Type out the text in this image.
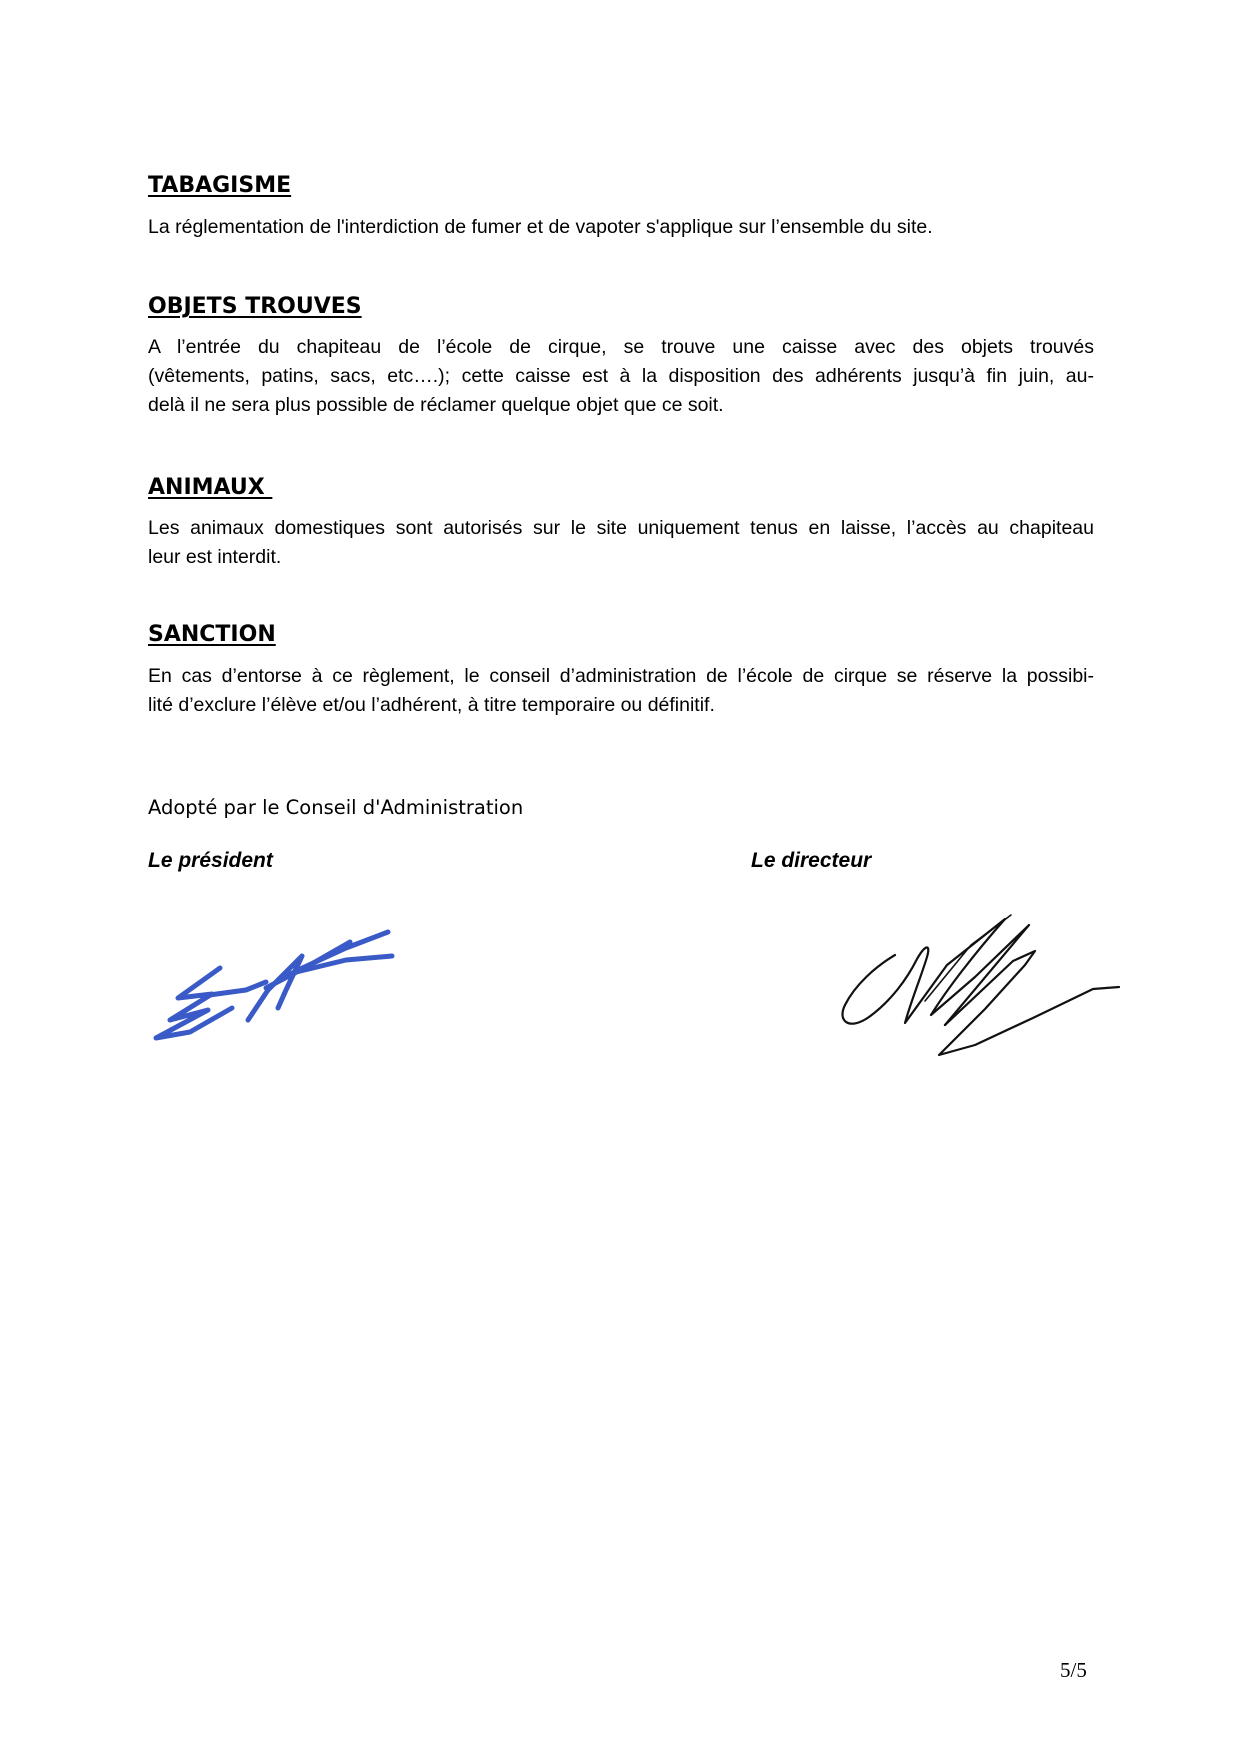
TABAGISME
La réglementation de l'interdiction de fumer et de vapoter s'applique sur l’ensemble du site.
OBJETS TROUVES
A l’entrée du chapiteau de l’école de cirque, se trouve une caisse avec des objets trouvés
(vêtements, patins, sacs, etc….); cette caisse est à la disposition des adhérents jusqu’à fin juin, au-
delà il ne sera plus possible de réclamer quelque objet que ce soit.
ANIMAUX
Les animaux domestiques sont autorisés sur le site uniquement tenus en laisse, l’accès au chapiteau
leur est interdit.
SANCTION
En cas d’entorse à ce règlement, le conseil d’administration de l’école de cirque se réserve la possibi-
lité d’exclure l’élève et/ou l’adhérent, à titre temporaire ou définitif.

Adopté par le Conseil d'Administration

Le président	Le directeur

5/5
